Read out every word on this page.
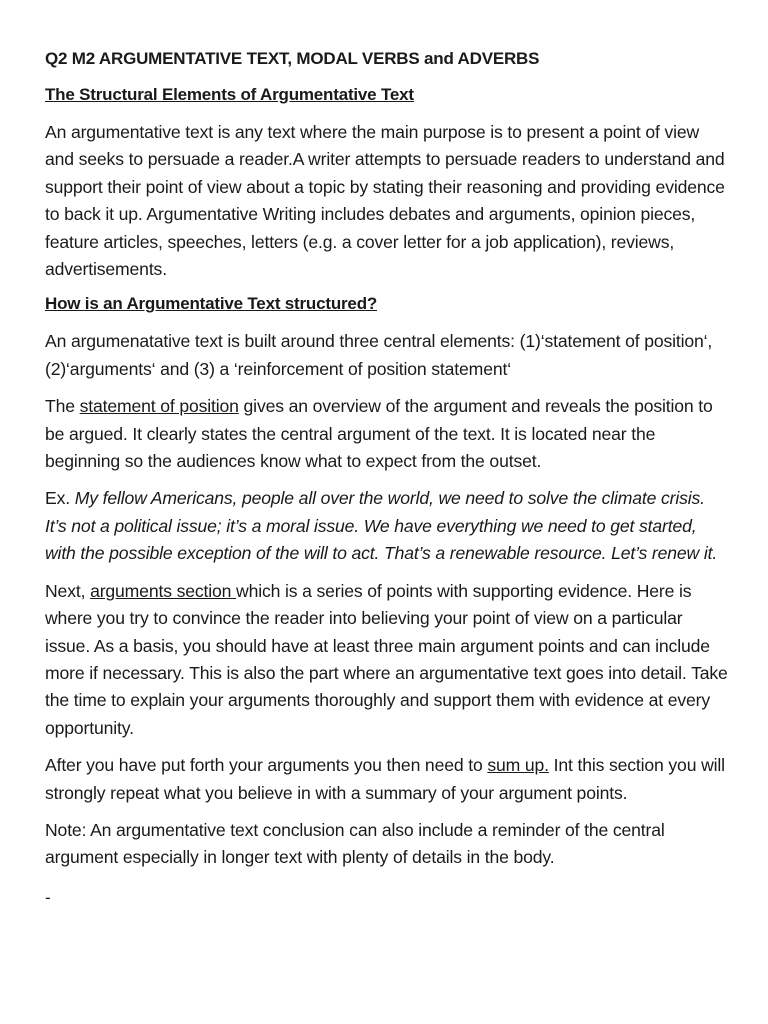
Q2 M2 ARGUMENTATIVE TEXT, MODAL VERBS and ADVERBS
The Structural Elements of Argumentative Text

An argumentative text is any text where the main purpose is to present a point of view and seeks to persuade a reader.A writer attempts to persuade readers to understand and support their point of view about a topic by stating their reasoning and providing evidence to back it up. Argumentative Writing includes debates and arguments, opinion pieces, feature articles, speeches, letters (e.g. a cover letter for a job application), reviews, advertisements.

How is an Argumentative Text structured?

An argumenatative text is built around three central elements: (1)‘statement of position‘,(2)‘arguments‘ and (3) a ‘reinforcement of position statement‘

The statement of position gives an overview of the argument and reveals the position to be argued. It clearly states the central argument of the text. It is located near the beginning so the audiences know what to expect from the outset.

Ex. My fellow Americans, people all over the world, we need to solve the climate crisis. It’s not a political issue; it’s a moral issue. We have everything we need to get started, with the possible exception of the will to act. That’s a renewable resource. Let’s renew it.

Next, arguments section which is a series of points with supporting evidence. Here is where you try to convince the reader into believing your point of view on a particular issue. As a basis, you should have at least three main argument points and can include more if necessary. This is also the part where an argumentative text goes into detail. Take the time to explain your arguments thoroughly and support them with evidence at every opportunity.

After you have put forth your arguments you then need to sum up. Int this section you will strongly repeat what you believe in with a summary of your argument points.

Note: An argumentative text conclusion can also include a reminder of the central argument especially in longer text with plenty of details in the body.

-
